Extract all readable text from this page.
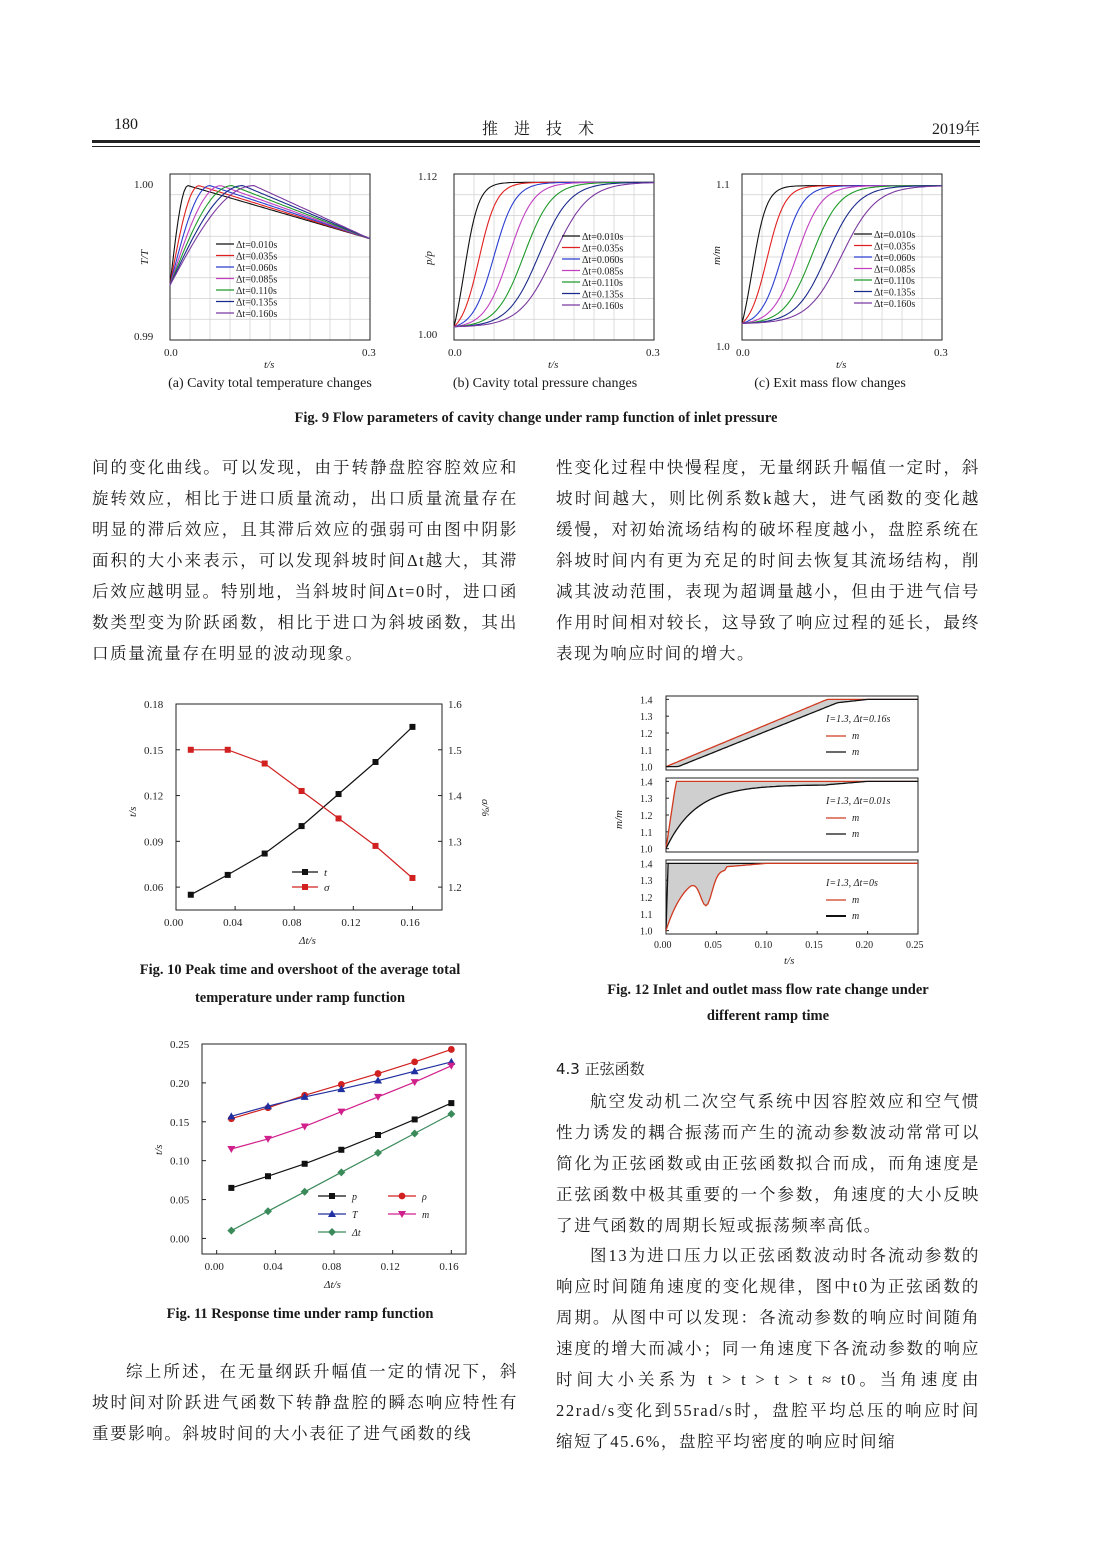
180	推 进 技 术	2019年
0.0	0.3
t/s
1.00
0.99
T/T
Δt=0.010s
Δt=0.035s
Δt=0.060s
Δt=0.085s
Δt=0.110s
Δt=0.135s
Δt=0.160s
0.0	0.3
t/s
1.12
1.00
p/p
Δt=0.010s
Δt=0.035s
Δt=0.060s
Δt=0.085s
Δt=0.110s
Δt=0.135s
Δt=0.160s
0.0	0.3
t/s
1.1
1.0
m/m
Δt=0.010s
Δt=0.035s
Δt=0.060s
Δt=0.085s
Δt=0.110s
Δt=0.135s
Δt=0.160s
(a) Cavity total temperature changes	(b) Cavity total pressure changes	(c) Exit mass flow changes
Fig. 9 Flow parameters of cavity change under ramp function of inlet pressure
间的变化曲线。可以发现，由于转静盘腔容腔效应和旋转效应，相比于进口质量流动，出口质量流量存在明显的滞后效应，且其滞后效应的强弱可由图中阴影面积的大小来表示，可以发现斜坡时间Δt越大，其滞后效应越明显。特别地，当斜坡时间Δt=0时，进口函数类型变为阶跃函数，相比于进口为斜坡函数，其出口质量流量存在明显的波动现象。
性变化过程中快慢程度，无量纲跃升幅值一定时，斜坡时间越大，则比例系数k越大，进气函数的变化越缓慢，对初始流场结构的破坏程度越小，盘腔系统在斜坡时间内有更为充足的时间去恢复其流场结构，削减其波动范围，表现为超调量越小，但由于进气信号作用时间相对较长，这导致了响应过程的延长，最终表现为响应时间的增大。
0.00	0.04	0.08	0.12	0.16
0.06
0.09
0.12
0.15
0.18
1.2
1.3
1.4
1.5
1.6
Δt/s
t/s	σ/%
t
σ
Fig. 10 Peak time and overshoot of the average total
temperature under ramp function
0.00	0.04	0.08	0.12	0.16
0.00
0.05
0.10
0.15
0.20
0.25
Δt/s
t/s
p	ρ
T	m
Δt
Fig. 11 Response time under ramp function
综上所述，在无量纲跃升幅值一定的情况下，斜坡时间对阶跃进气函数下转静盘腔的瞬态响应特性有重要影响。斜坡时间的大小表征了进气函数的线
1.0
1.1
1.2
1.3
1.4
I=1.3, Δt=0.16s
m
m
1.0
1.1
1.2
1.3
1.4
I=1.3, Δt=0.01s
m
m
1.0
1.1
1.2
1.3
1.4
I=1.3, Δt=0s
m
m
0.00	0.05	0.10	0.15	0.20	0.25
t/s
m/m
Fig. 12 Inlet and outlet mass flow rate change under
different ramp time
4.3 正弦函数
航空发动机二次空气系统中因容腔效应和空气惯性力诱发的耦合振荡而产生的流动参数波动常常可以简化为正弦函数或由正弦函数拟合而成，而角速度是正弦函数中极其重要的一个参数，角速度的大小反映了进气函数的周期长短或振荡频率高低。
图13为进口压力以正弦函数波动时各流动参数的响应时间随角速度的变化规律，图中t0为正弦函数的周期。从图中可以发现：各流动参数的响应时间随角速度的增大而减小；同一角速度下各流动参数的响应时间大小关系为 t > t > t > t ≈ t0。当角速度由22rad/s变化到55rad/s时，盘腔平均总压的响应时间缩短了45.6%，盘腔平均密度的响应时间缩
